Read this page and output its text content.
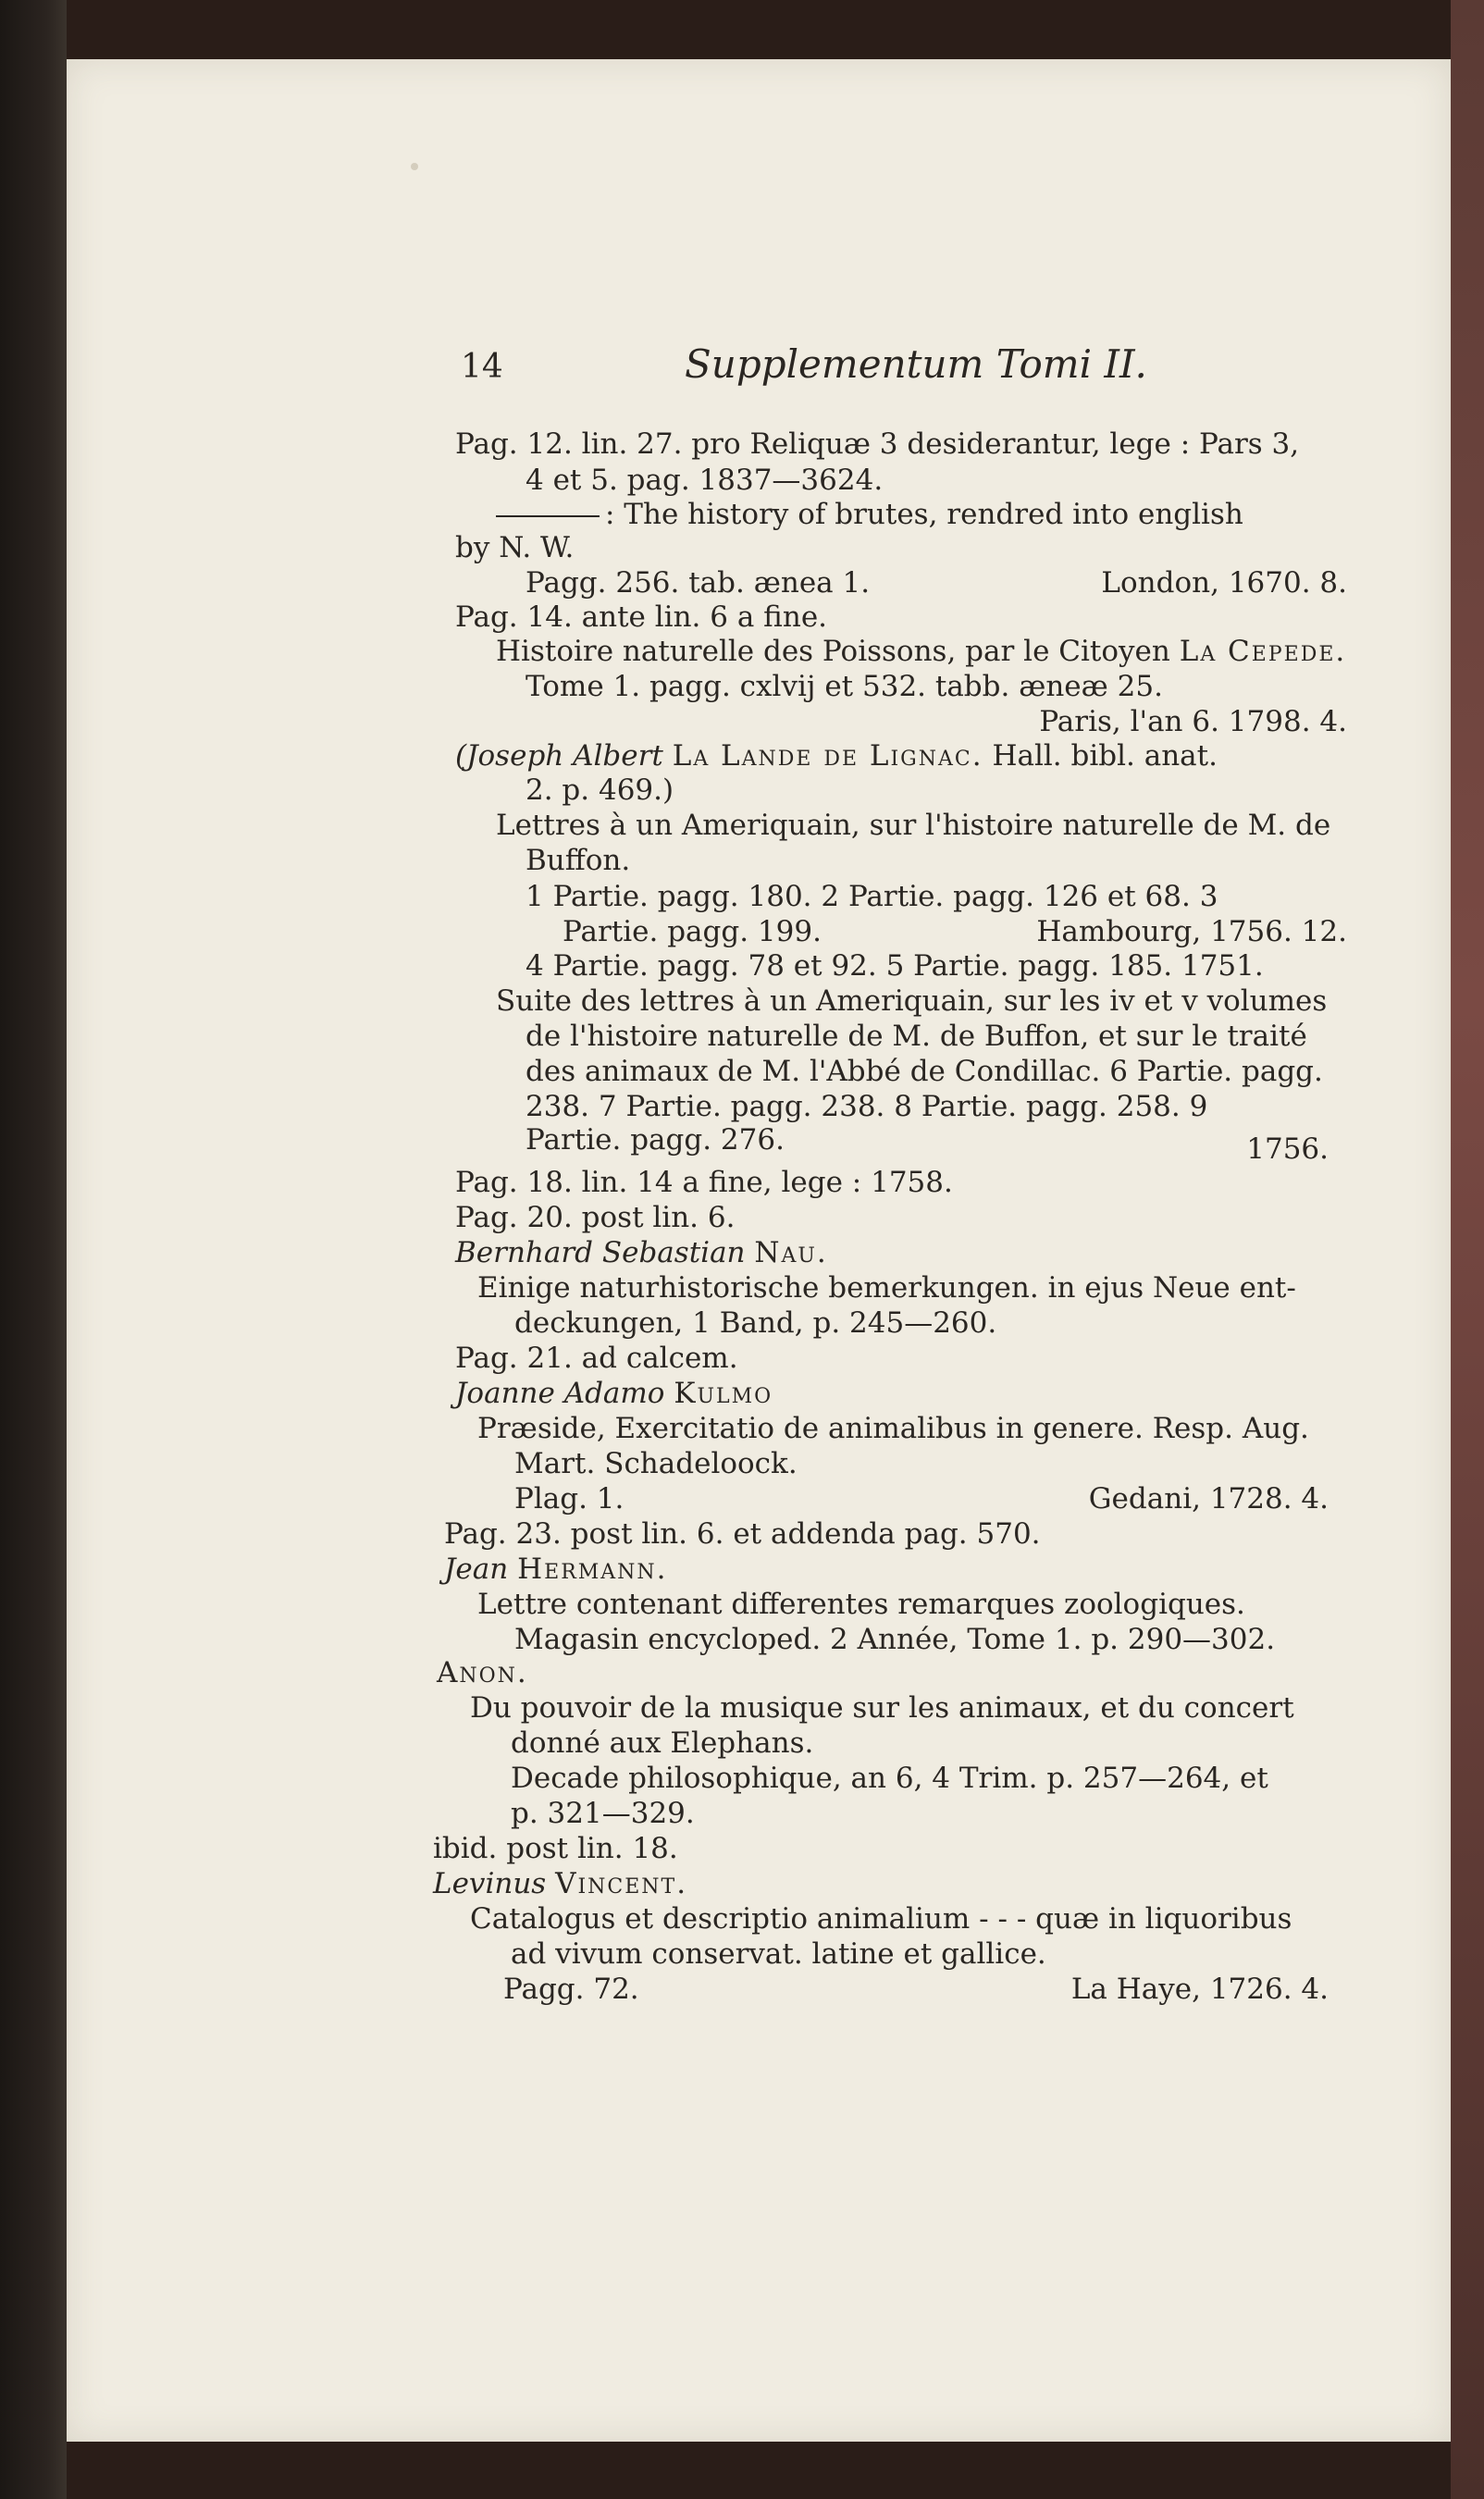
14	Supplementum Tomi II.
Pag. 12. lin. 27. pro Reliquæ 3 desiderantur, lege : Pars 3,
4 et 5. pag. 1837—3624.
: The history of brutes, rendred into english
by N. W.
Pagg. 256. tab. ænea 1.	London, 1670. 8.
Pag. 14. ante lin. 6 a fine.
Histoire naturelle des Poissons, par le Citoyen La Cepede.
Tome 1. pagg. cxlvij et 532. tabb. æneæ 25.
Paris, l'an 6. 1798. 4.
(Joseph Albert La Lande de Lignac. Hall. bibl. anat.
2. p. 469.)
Lettres à un Ameriquain, sur l'histoire naturelle de M. de
Buffon.
1 Partie. pagg. 180. 2 Partie. pagg. 126 et 68. 3
Partie. pagg. 199.	Hambourg, 1756. 12.
4 Partie. pagg. 78 et 92. 5 Partie. pagg. 185. 1751.
Suite des lettres à un Ameriquain, sur les iv et v volumes
de l'histoire naturelle de M. de Buffon, et sur le traité
des animaux de M. l'Abbé de Condillac. 6 Partie. pagg.
238. 7 Partie. pagg. 238. 8 Partie. pagg. 258. 9
Partie. pagg. 276.	1756.
Pag. 18. lin. 14 a fine, lege : 1758.
Pag. 20. post lin. 6.
Bernhard Sebastian Nau.
Einige naturhistorische bemerkungen. in ejus Neue ent-
deckungen, 1 Band, p. 245—260.
Pag. 21. ad calcem.
Joanne Adamo Kulmo
Præside, Exercitatio de animalibus in genere. Resp. Aug.
Mart. Schadeloock.
Plag. 1.	Gedani, 1728. 4.
Pag. 23. post lin. 6. et addenda pag. 570.
Jean Hermann.
Lettre contenant differentes remarques zoologiques.
Magasin encycloped. 2 Année, Tome 1. p. 290—302.
Anon.
Du pouvoir de la musique sur les animaux, et du concert
donné aux Elephans.
Decade philosophique, an 6, 4 Trim. p. 257—264, et
p. 321—329.
ibid. post lin. 18.
Levinus Vincent.
Catalogus et descriptio animalium - - - quæ in liquoribus
ad vivum conservat. latine et gallice.
Pagg. 72.	La Haye, 1726. 4.
